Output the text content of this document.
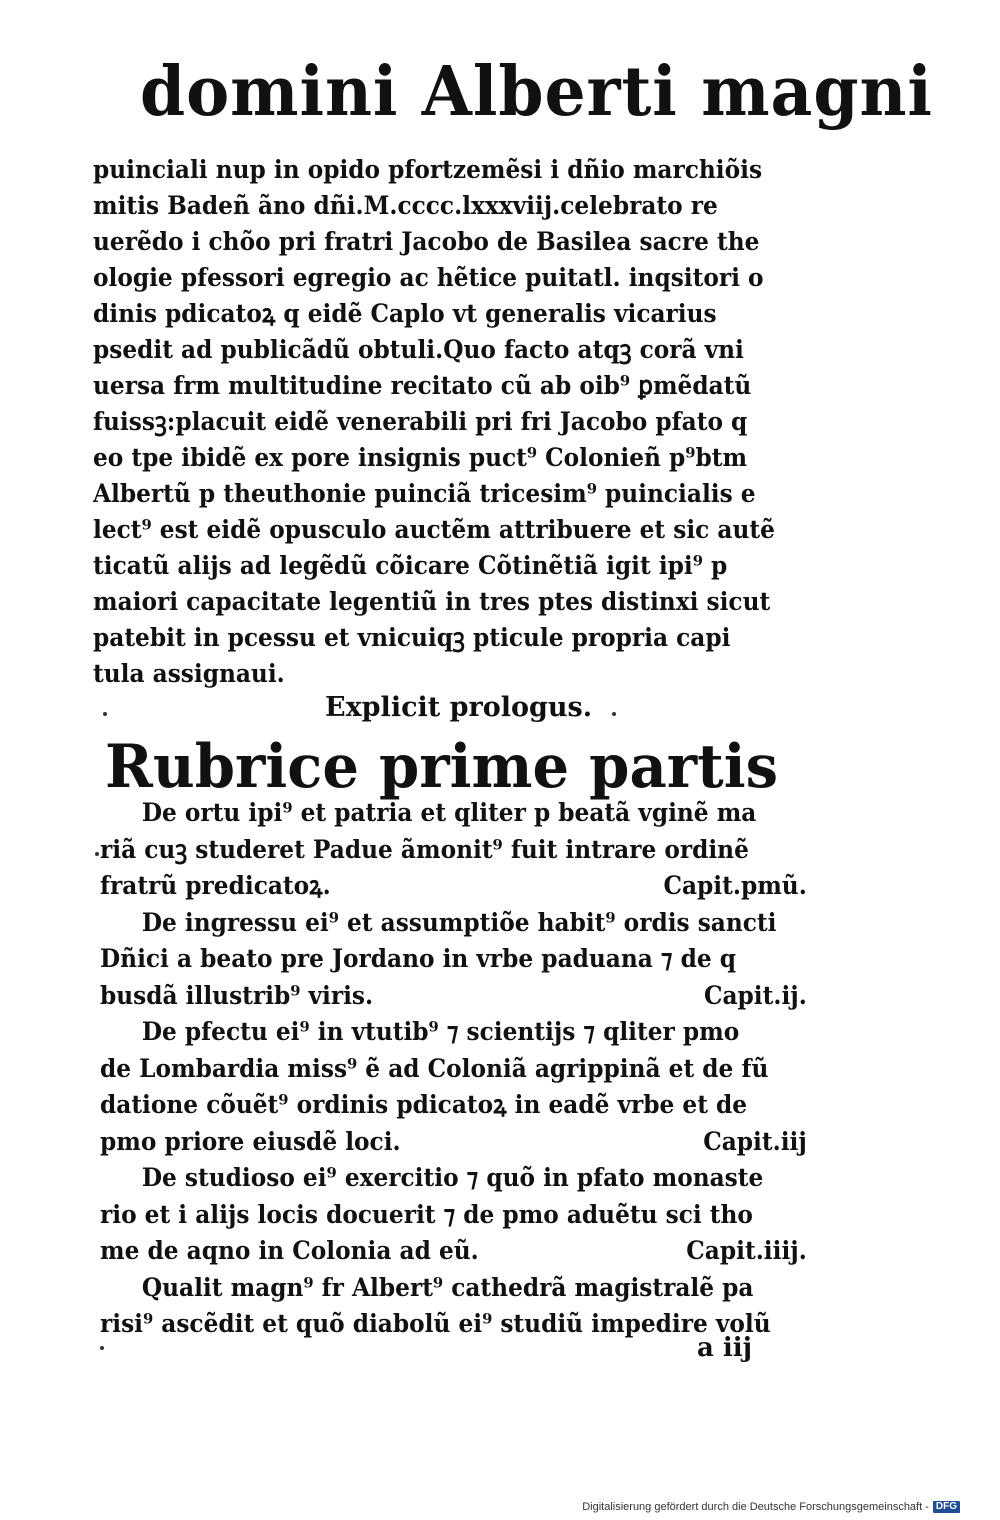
domini Alberti magni
puinciali nup in opido pfortzemẽsi i dñio marchiõis
mitis Badeñ ãno dñi.M.cccc.lxxxviij.celebrato re
uerẽdo i chõo pri fratri Jacobo de Basilea sacre the
ologie pfessori egregio ac hẽtice puitatl. inqsitori o
dinis pdicatoꝝ q eidẽ Caplo vt generalis vicarius
psedit ad publicãdũ obtuli.Quo facto atqꝫ corã vni
uersa frm multitudine recitato cũ ab oib⁹ ꝑmẽdatũ
fuissꝫ:placuit eidẽ venerabili pri fri Jacobo pfato q
eo tpe ibidẽ ex pore insignis puct⁹ Colonieñ p⁹btm
Albertũ p theuthonie puinciã tricesim⁹ puincialis e
lect⁹ est eidẽ opusculo auctẽm attribuere et sic autẽ
ticatũ alijs ad legẽdũ cõicare Cõtinẽtiã igit ipi⁹ p
maiori capacitate legentiũ in tres ptes distinxi sicut
patebit in pcessu et vnicuiqꝫ pticule propria capi
tula assignaui.
Explicit prologus.
Rubrice prime partis
De ortu ipi⁹ et patria et qliter p beatã vginẽ ma
riã cuꝫ studeret Padue ãmonit⁹ fuit intrare ordinẽ
fratrũ predicatoꝝ.	Capit.pmũ.
De ingressu ei⁹ et assumptiõe habit⁹ ordis sancti
Dñici a beato pre Jordano in vrbe paduana ⁊ de q
busdã illustrib⁹ viris.	Capit.ij.
De pfectu ei⁹ in vtutib⁹ ⁊ scientijs ⁊ qliter pmo
de Lombardia miss⁹ ẽ ad Coloniã agrippinã et de fũ
datione cõuẽt⁹ ordinis pdicatoꝝ in eadẽ vrbe et de
pmo priore eiusdẽ loci.	Capit.iij
De studioso ei⁹ exercitio ⁊ quõ in pfato monaste
rio et i alijs locis docuerit ⁊ de pmo aduẽtu sci tho
me de aqno in Colonia ad eũ.	Capit.iiij.
Qualit magn⁹ fr Albert⁹ cathedrã magistralẽ pa
risi⁹ ascẽdit et quõ diabolũ ei⁹ studiũ impedire volũ
a iij
Digitalisierung gefördert durch die Deutsche Forschungsgemeinschaft - DFG
